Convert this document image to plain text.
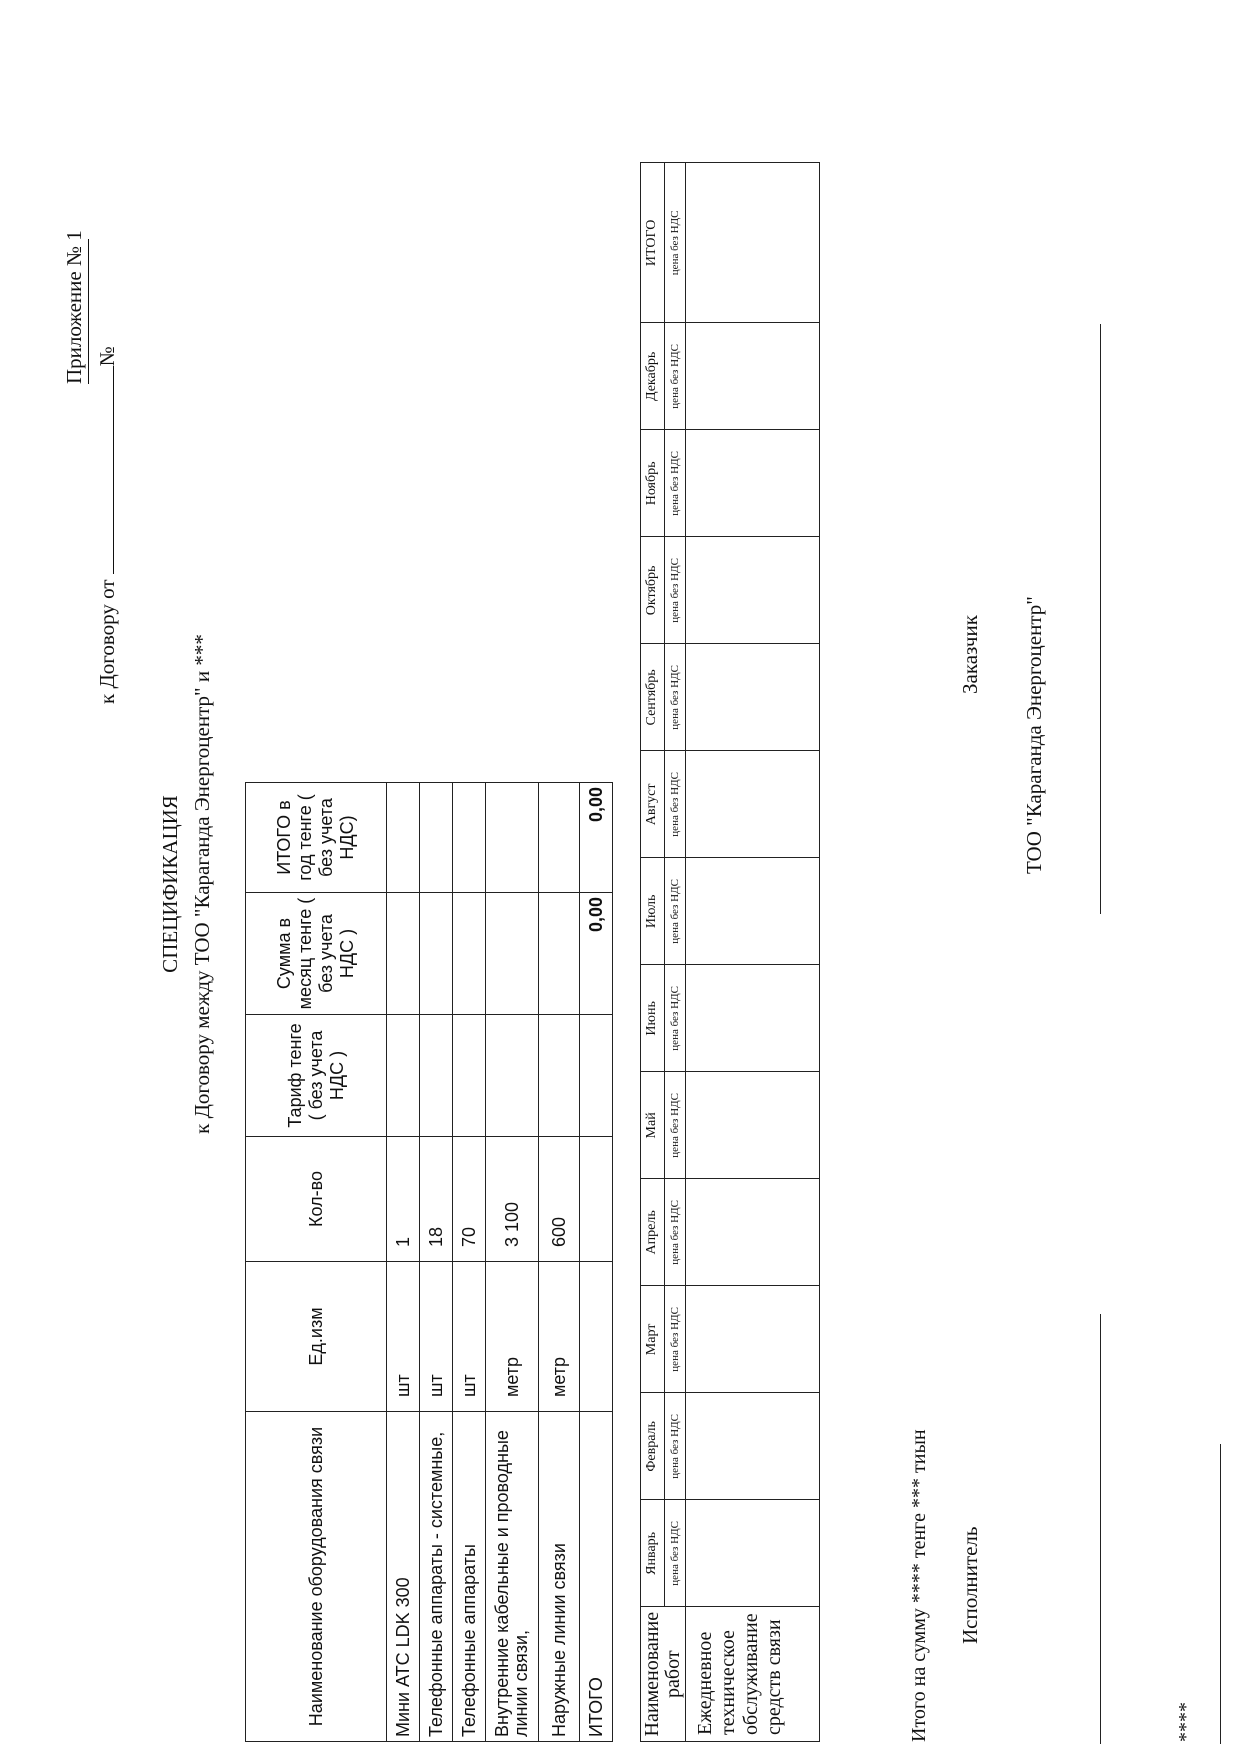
Приложение № 1
к Договору от №
СПЕЦИФИКАЦИЯ к Договору между ТОО "Караганда Энергоцентр" и ***
Наименование оборудования связи	Ед.изм	Кол-во	Тариф тенге ( без учета НДС )	Сумма в месяц тенге ( без учета НДС )	ИТОГО в год тенге ( без учета НДС)
Мини АТС LDK 300	шт	1			
Телефонные аппараты - системные,	шт	18			
Телефонные аппараты	шт	70			
Внутренние кабельные и проводные линии связи,	метр	3 100			
Наружные линии связи	метр	600			
ИТОГО				0,00	0,00
Наименование работ	Январь	Февраль	Март	Апрель	Май	Июнь	Июль	Август	Сентябрь	Октябрь	Ноябрь	Декабрь	ИТОГО
	цена без НДС	цена без НДС	цена без НДС	цена без НДС	цена без НДС	цена без НДС	цена без НДС	цена без НДС	цена без НДС	цена без НДС	цена без НДС	цена без НДС	цена без НДС
Ежедневное техническое обслуживание средств связи														Итого на сумму **** тенге *** тиын Исполнитель
Заказчик ТОО "Караганда Энергоцентр"
****
